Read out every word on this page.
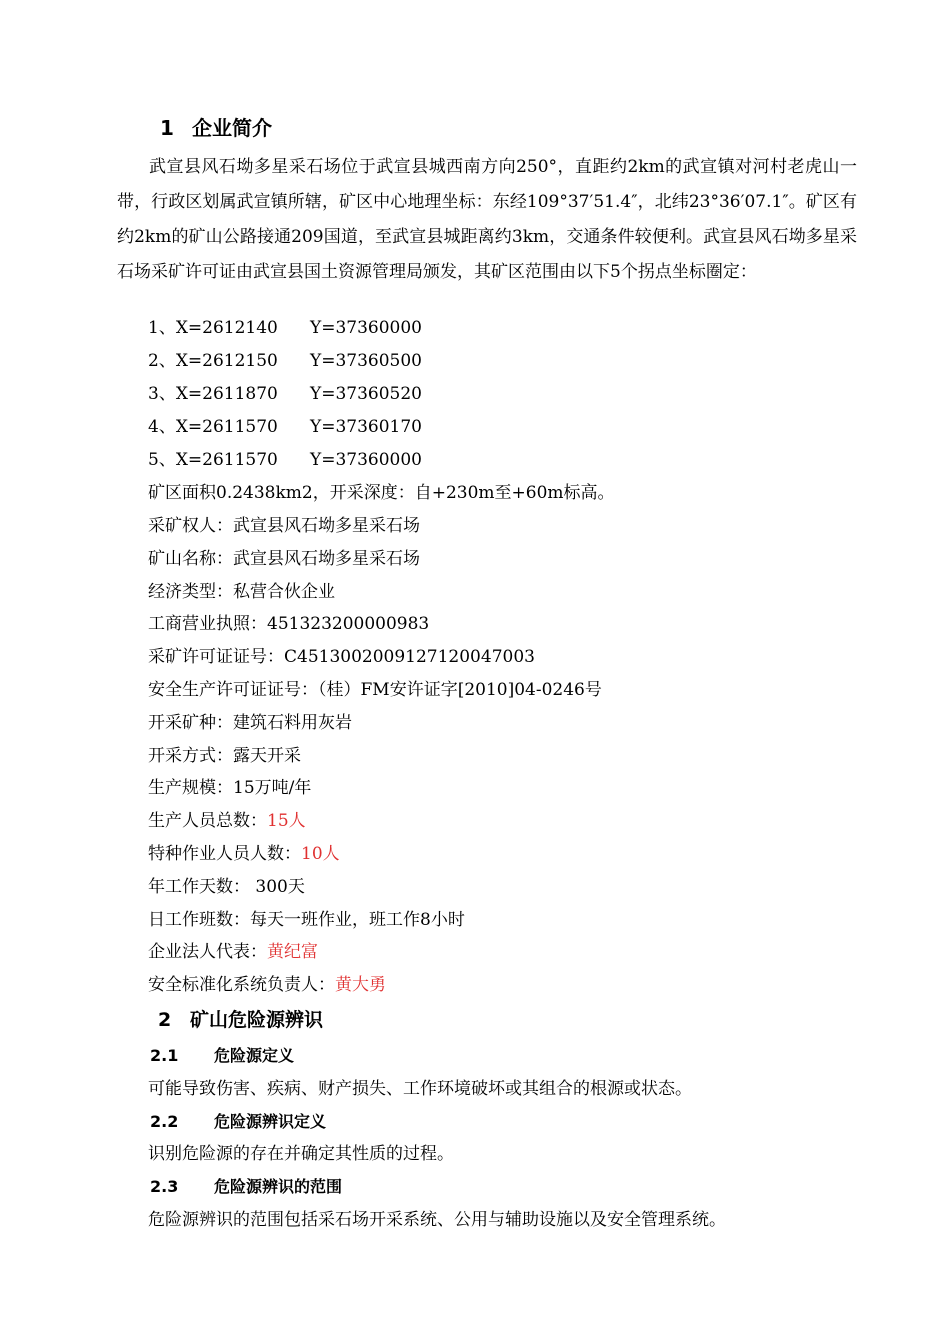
1 企业简介
武宣县风石坳多星采石场位于武宣县城西南方向250°，直距约2km的武宣镇对河村老虎山一带，行政区划属武宣镇所辖，矿区中心地理坐标：东经109°37′51.4″，北纬23°36′07.1″。矿区有约2km的矿山公路接通209国道，至武宣县城距离约3km，交通条件较便利。武宣县风石坳多星采石场采矿许可证由武宣县国土资源管理局颁发，其矿区范围由以下5个拐点坐标圈定：
1、X=2612140 Y=37360000
2、X=2612150 Y=37360500
3、X=2611870 Y=37360520
4、X=2611570 Y=37360170
5、X=2611570 Y=37360000
矿区面积0.2438km2，开采深度：自+230m至+60m标高。
采矿权人：武宣县风石坳多星采石场
矿山名称：武宣县风石坳多星采石场
经济类型：私营合伙企业
工商营业执照：451323200000983
采矿许可证证号：C4513002009127120047003
安全生产许可证证号：（桂）FM安许证字[2010]04-0246号
开采矿种：建筑石料用灰岩
开采方式：露天开采
生产规模：15万吨/年
生产人员总数：15人
特种作业人员人数：10人
年工作天数： 300天
日工作班数：每天一班作业，班工作8小时
企业法人代表：黄纪富
安全标准化系统负责人：黄大勇
2 矿山危险源辨识
2.1 危险源定义
可能导致伤害、疾病、财产损失、工作环境破坏或其组合的根源或状态。
2.2 危险源辨识定义
识别危险源的存在并确定其性质的过程。
2.3 危险源辨识的范围
危险源辨识的范围包括采石场开采系统、公用与辅助设施以及安全管理系统。
